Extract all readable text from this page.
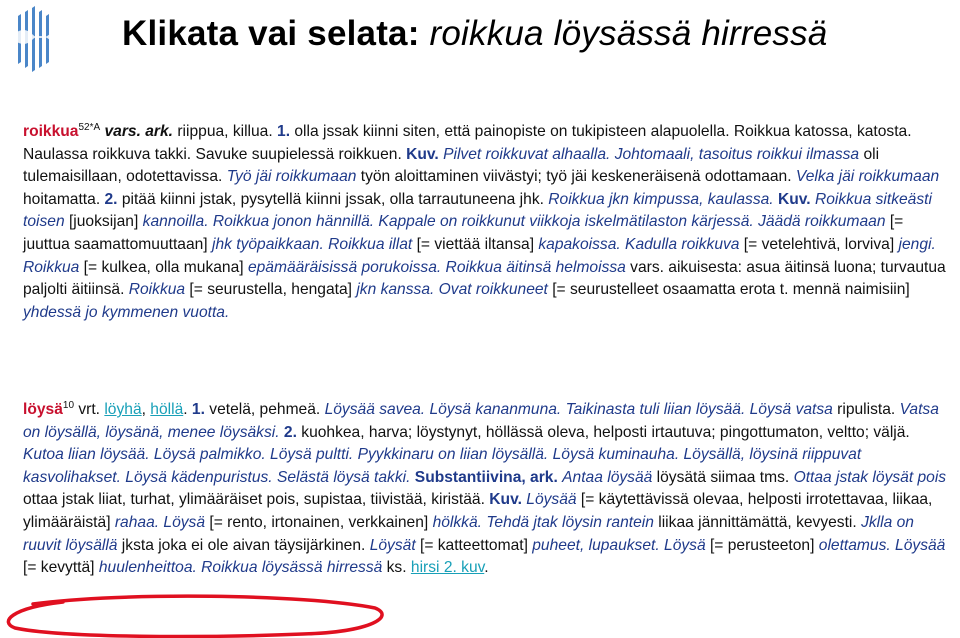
Klikata vai selata: roikkua löysässä hirressä

roikkua$^{52*A}$ vars. ark. riippua, killua. 1. olla jssak kiinni siten, että painopiste on tukipisteen alapuolella. Roikkua katossa, katosta. Naulassa roikkuva takki. Savuke suupielessä roikkuen. Kuv. Pilvet roikkuvat alhaalla. Johtomaali, tasoitus roikkui ilmassa oli tulemaisillaan, odotettavissa. Työ jäi roikkumaan työn aloittaminen viivästyi; työ jäi keskeneräisenä odottamaan. Velka jäi roikkumaan hoitamatta. 2. pitää kiinni jstak, pysytellä kiinni jssak, olla tarrautuneena jhk. Roikkua jkn kimpussa, kaulassa. Kuv. Roikkua sitkeästi toisen [juoksijan] kannoilla. Roikkua jonon hännillä. Kappale on roikkunut viikkoja iskelmätilaston kärjessä. Jäädä roikkumaan [= juuttua saamattomuuttaan] jhk työpaikkaan. Roikkua illat [= viettää iltansa] kapakoissa. Kadulla roikkuva [= vetelehtivä, lorviva] jengi. Roikkua [= kulkea, olla mukana] epämääräisissä porukoissa. Roikkua äitinsä helmoissa vars. aikuisesta: asua äitinsä luona; turvautua paljolti äitiinsä. Roikkua [= seurustella, hengata] jkn kanssa. Ovat roikkuneet [= seurustelleet osaamatta erota t. mennä naimisiin] yhdessä jo kymmenen vuotta.

löysä$^{10}$ vrt. löyhä, höllä. 1. vetelä, pehmeä. Löysää savea. Löysä kananmuna. Taikinasta tuli liian löysää. Löysä vatsa ripulista. Vatsa on löysällä, löysänä, menee löysäksi. 2. kuohkea, harva; löystynyt, höllässä oleva, helposti irtautuva; pingottumaton, veltto; väljä. Kutoa liian löysää. Löysä palmikko. Löysä pultti. Pyykkinaru on liian löysällä. Löysä kuminauha. Löysällä, löysinä riippuvat kasvolihakset. Löysä kädenpuristus. Selästä löysä takki. Substantiivina, ark. Antaa löysää löysätä siimaa tms. Ottaa jstak löysät pois ottaa jstak liiat, turhat, ylimääräiset pois, supistaa, tiivistää, kiristää. Kuv. Löysää [= käytettävissä olevaa, helposti irrotettavaa, liikaa, ylimääräistä] rahaa. Löysä [= rento, irtonainen, verkkainen] hölkkä. Tehdä jtak löysin rantein liikaa jännittämättä, kevyesti. Jklla on ruuvit löysällä jksta joka ei ole aivan täysijärkinen. Löysät [= katteettomat] puheet, lupaukset. Löysä [= perusteeton] olettamus. Löysää [= kevyttä] huulenheittoa. Roikkua löysässä hirressä ks. hirsi 2. kuv.
